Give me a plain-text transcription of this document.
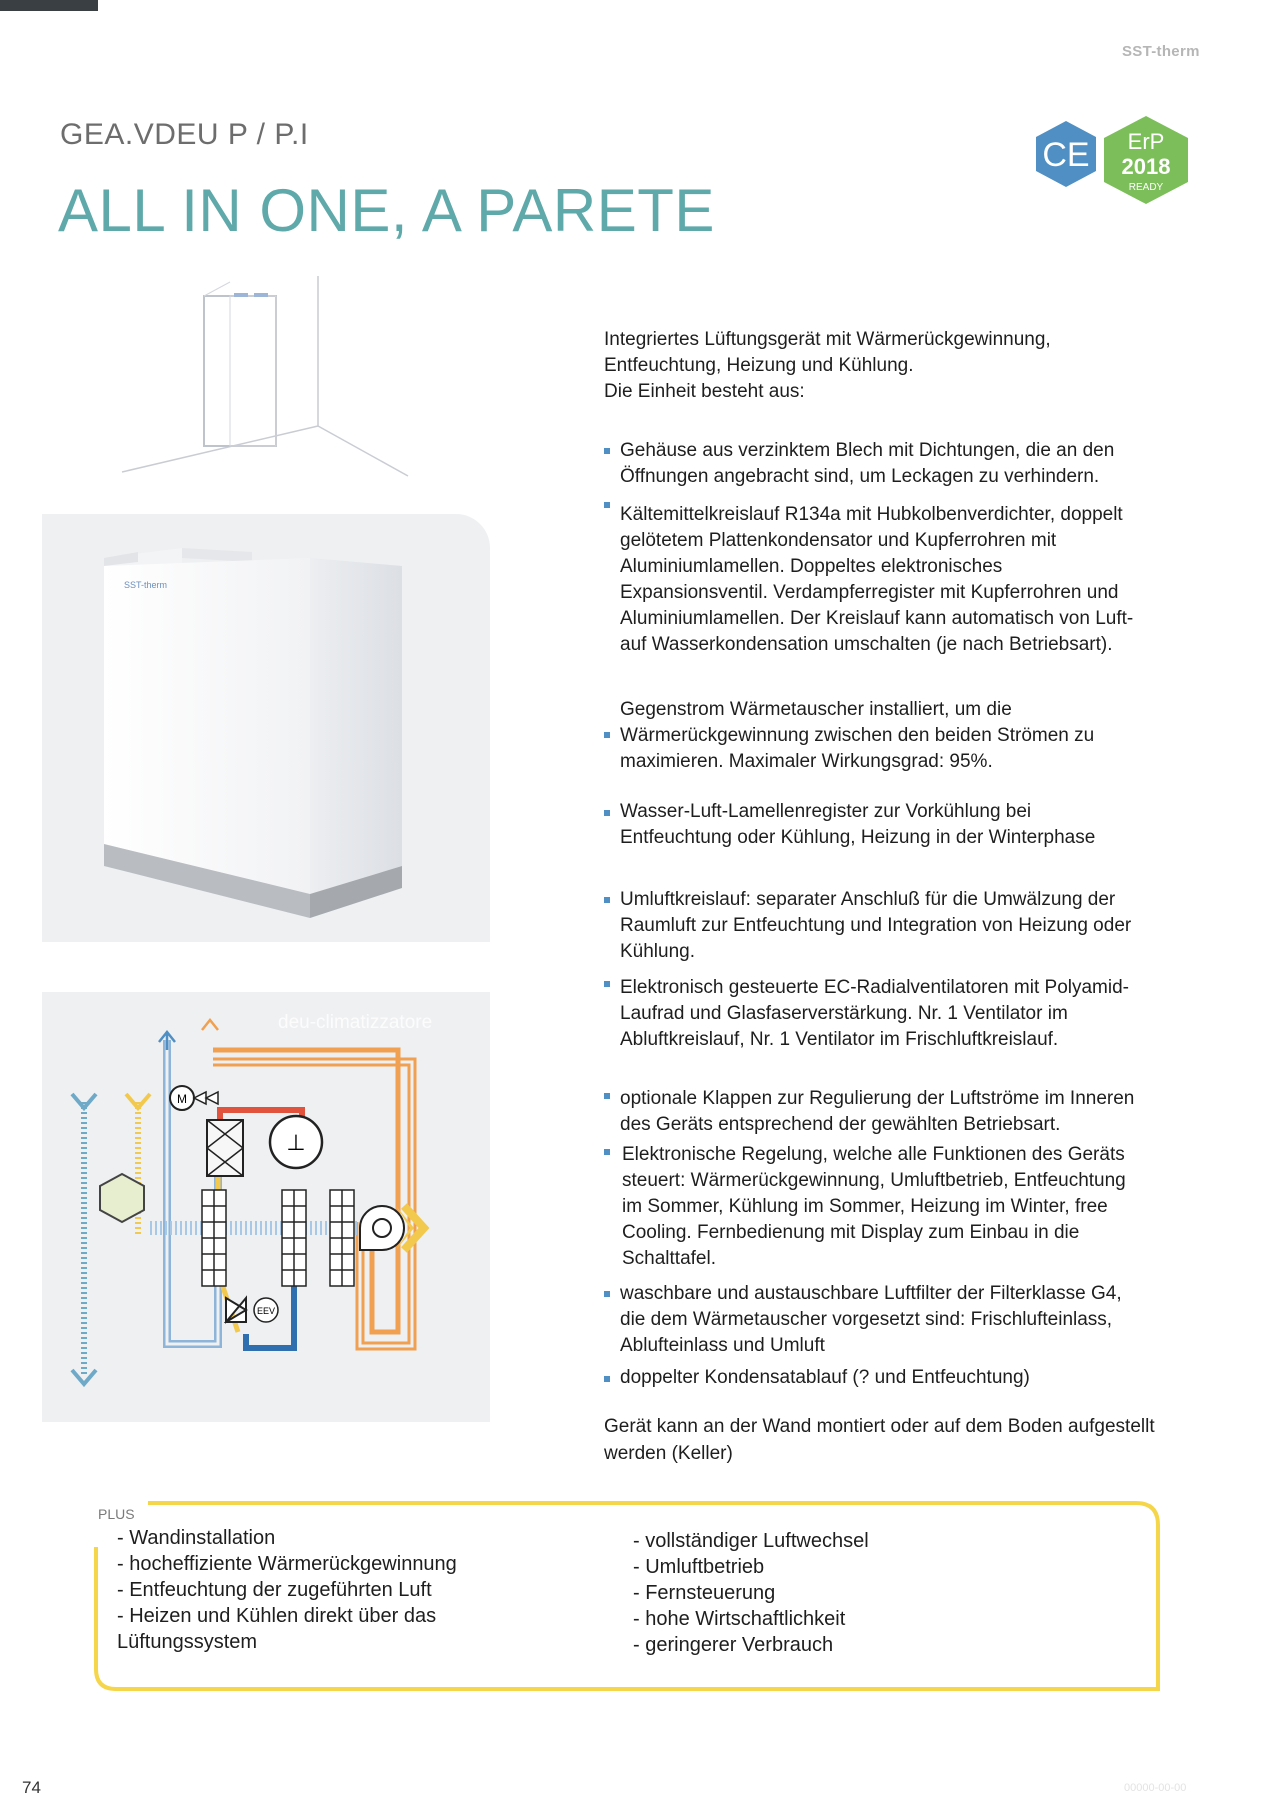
SST-therm
GEA.VDEU P / P.I
ALL IN ONE, A PARETE
CE ErP
2018
READY
SST-therm
deu-climatizzatore
M
⊥
EEV

Integriertes Lüftungsgerät mit Wärmerückgewinnung,

Entfeuchtung, Heizung und Kühlung.

Die Einheit besteht aus:

Gehäuse aus verzinktem Blech mit Dichtungen, die an den
Öffnungen angebracht sind, um Leckagen zu verhindern.
Kältemittelkreislauf R134a mit Hubkolbenverdichter, doppelt
gelötetem Plattenkondensator und Kupferrohren mit
Aluminiumlamellen. Doppeltes elektronisches
Expansionsventil. Verdampferregister mit Kupferrohren und
Aluminiumlamellen. Der Kreislauf kann automatisch von Luft-
auf Wasserkondensation umschalten (je nach Betriebsart).
Gegenstrom Wärmetauscher installiert, um die
Wärmerückgewinnung zwischen den beiden Strömen zu
maximieren. Maximaler Wirkungsgrad: 95%.
Wasser-Luft-Lamellenregister zur Vorkühlung bei
Entfeuchtung oder Kühlung, Heizung in der Winterphase
Umluftkreislauf: separater Anschluß für die Umwälzung der
Raumluft zur Entfeuchtung und Integration von Heizung oder
Kühlung.
Elektronisch gesteuerte EC-Radialventilatoren mit Polyamid-
Laufrad und Glasfaserverstärkung. Nr. 1 Ventilator im
Abluftkreislauf, Nr. 1 Ventilator im Frischluftkreislauf.
optionale Klappen zur Regulierung der Luftströme im Inneren
des Geräts entsprechend der gewählten Betriebsart.
Elektronische Regelung, welche alle Funktionen des Geräts
steuert: Wärmerückgewinnung, Umluftbetrieb, Entfeuchtung
im Sommer, Kühlung im Sommer, Heizung im Winter, free
Cooling. Fernbedienung mit Display zum Einbau in die
Schalttafel.
waschbare und austauschbare Luftfilter der Filterklasse G4,
die dem Wärmetauscher vorgesetzt sind: Frischlufteinlass,
Ablufteinlass und Umluft
doppelter Kondensatablauf (? und Entfeuchtung)
Gerät kann an der Wand montiert oder auf dem Boden aufgestellt
werden (Keller)
PLUS
- Wandinstallation
- hocheffiziente Wärmerückgewinnung
- Entfeuchtung der zugeführten Luft
- Heizen und Kühlen direkt über das
Lüftungssystem
- vollständiger Luftwechsel
- Umluftbetrieb
- Fernsteuerung
- hohe Wirtschaftlichkeit
- geringerer Verbrauch
74	00000-00-00
